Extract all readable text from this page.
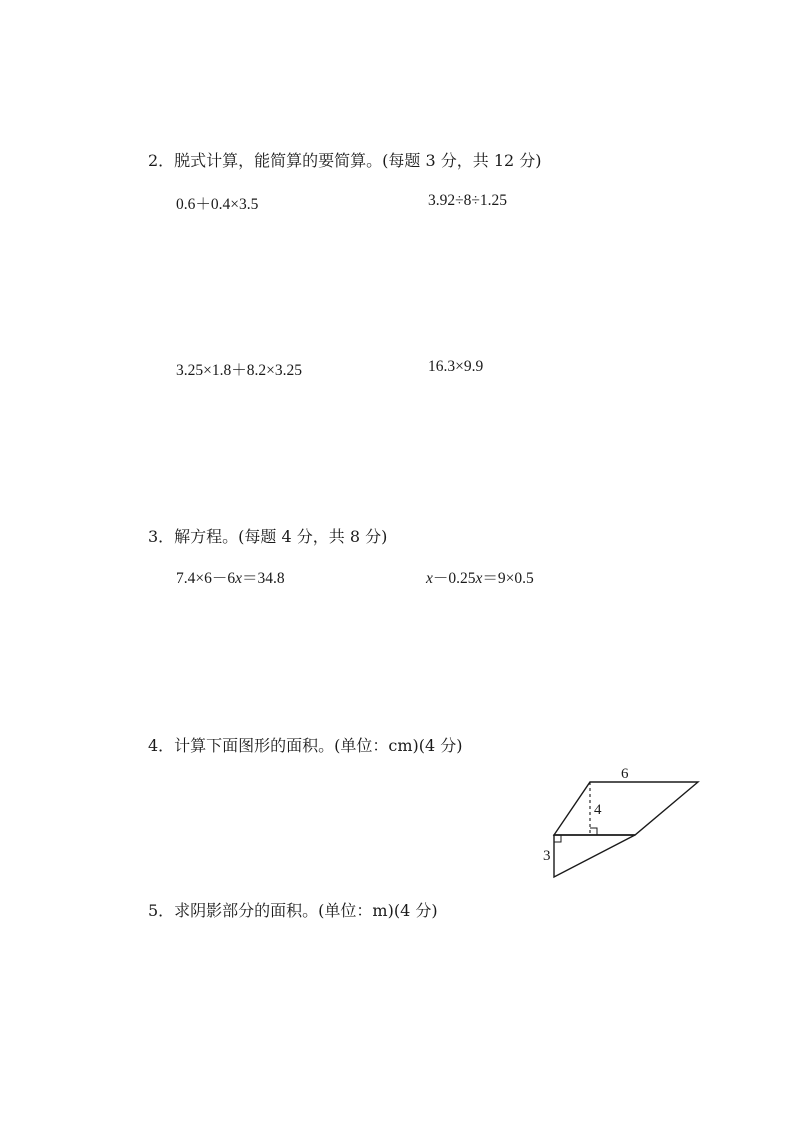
2．脱式计算，能简算的要简算。(每题 3 分，共 12 分)
0.6＋0.4×3.5	3.92÷8÷1.25
3.25×1.8＋8.2×3.25	16.3×9.9
3．解方程。(每题 4 分，共 8 分)
7.4×6－6x＝34.8	x－0.25x＝9×0.5
4．计算下面图形的面积。(单位：cm)(4 分)
6
4
3
5．求阴影部分的面积。(单位：m)(4 分)
